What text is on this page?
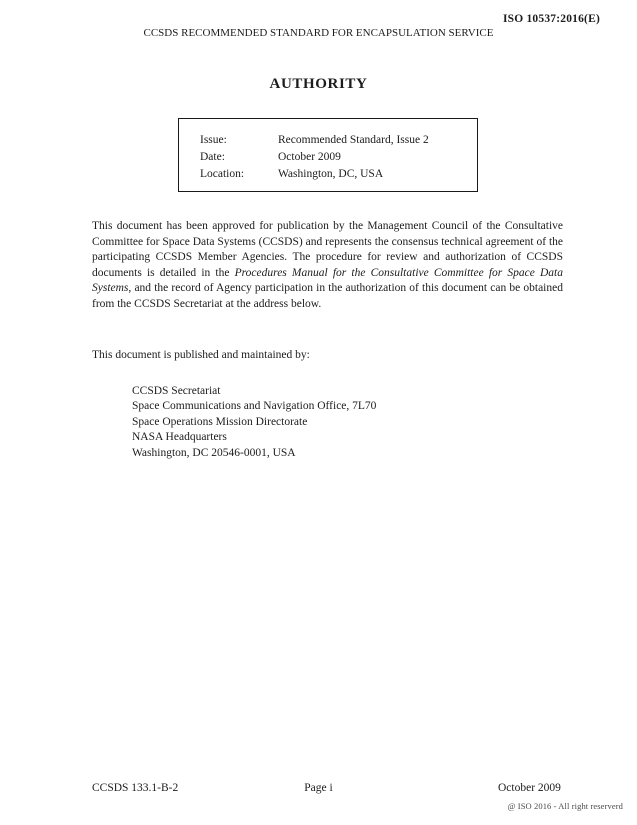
ISO 10537:2016(E)
CCSDS RECOMMENDED STANDARD FOR ENCAPSULATION SERVICE
AUTHORITY
Issue:	Recommended Standard, Issue 2
Date:	October 2009
Location:	Washington, DC, USA
This document has been approved for publication by the Management Council of the Consultative Committee for Space Data Systems (CCSDS) and represents the consensus technical agreement of the participating CCSDS Member Agencies. The procedure for review and authorization of CCSDS documents is detailed in the Procedures Manual for the Consultative Committee for Space Data Systems, and the record of Agency participation in the authorization of this document can be obtained from the CCSDS Secretariat at the address below.
This document is published and maintained by:
CCSDS Secretariat
Space Communications and Navigation Office, 7L70
Space Operations Mission Directorate
NASA Headquarters
Washington, DC 20546-0001, USA
CCSDS 133.1-B-2	Page i	October 2009
@ ISO 2016 - All right reserverd
